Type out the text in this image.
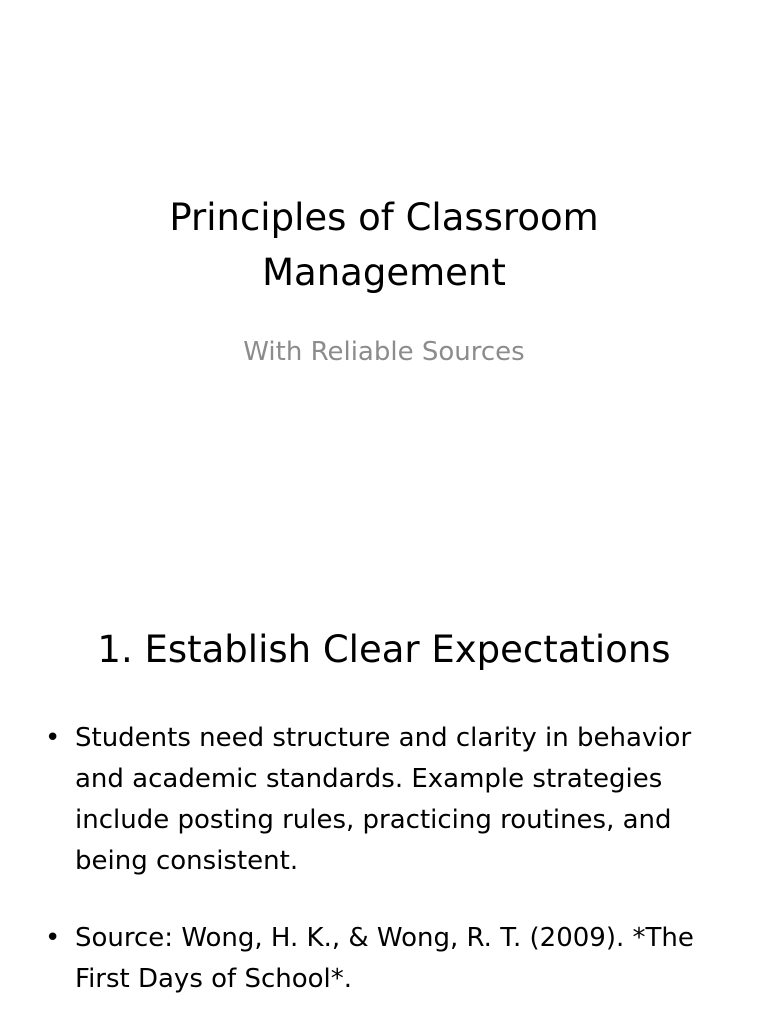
Principles of Classroom Management

With Reliable Sources

1. Establish Clear Expectations
• Students need structure and clarity in behavior and academic standards. Example strategies include posting rules, practicing routines, and being consistent.
• Source: Wong, H. K., & Wong, R. T. (2009). *The First Days of School*.
